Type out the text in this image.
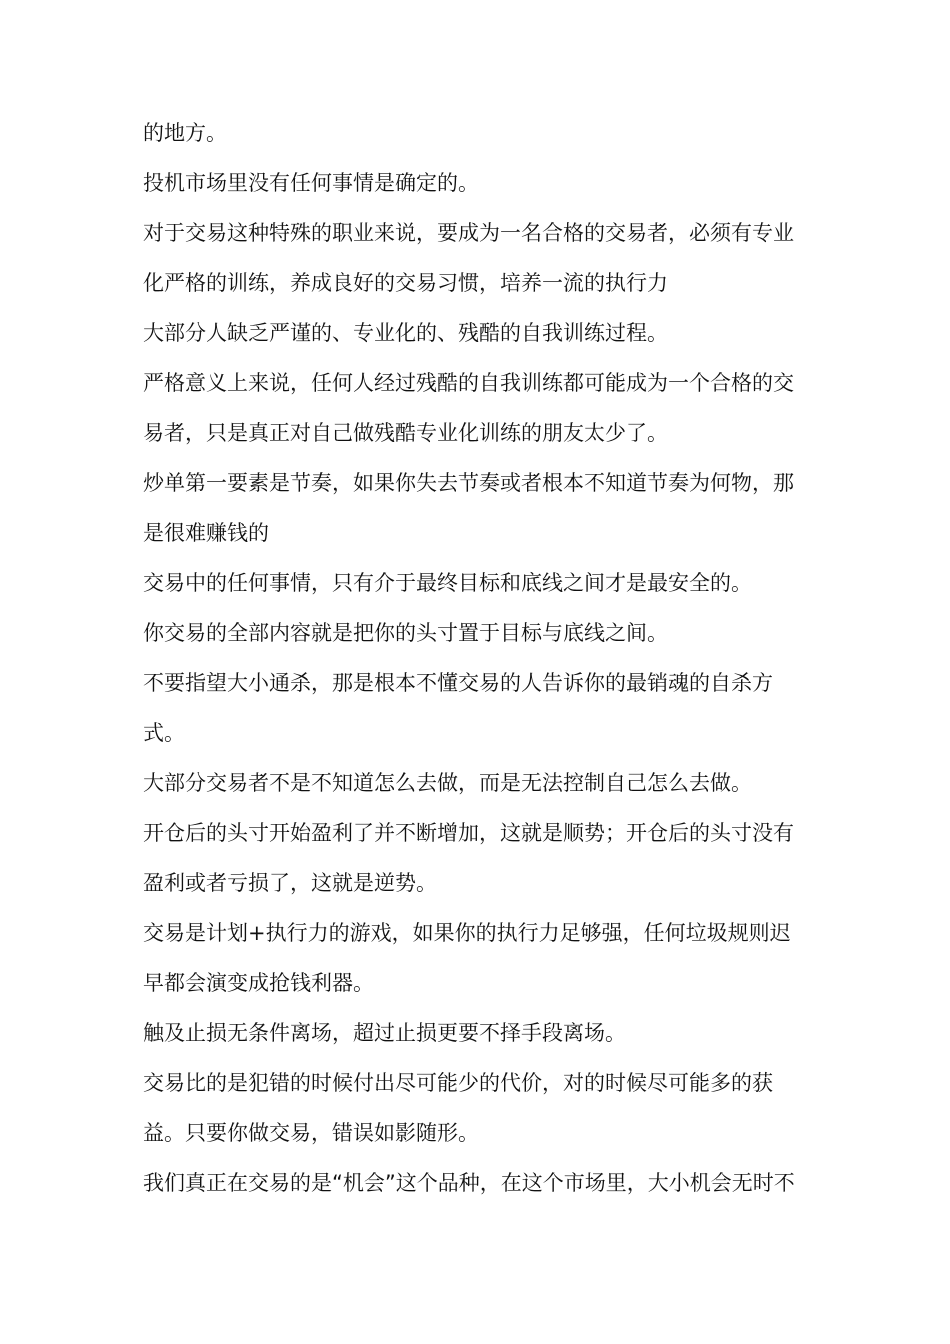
的地方。
投机市场里没有任何事情是确定的。
对于交易这种特殊的职业来说，要成为一名合格的交易者，必须有专业
化严格的训练，养成良好的交易习惯，培养一流的执行力
大部分人缺乏严谨的、专业化的、残酷的自我训练过程。
严格意义上来说，任何人经过残酷的自我训练都可能成为一个合格的交
易者，只是真正对自己做残酷专业化训练的朋友太少了。
炒单第一要素是节奏，如果你失去节奏或者根本不知道节奏为何物，那
是很难赚钱的
交易中的任何事情，只有介于最终目标和底线之间才是最安全的。
你交易的全部内容就是把你的头寸置于目标与底线之间。
不要指望大小通杀，那是根本不懂交易的人告诉你的最销魂的自杀方
式。
大部分交易者不是不知道怎么去做，而是无法控制自己怎么去做。
开仓后的头寸开始盈利了并不断增加，这就是顺势；开仓后的头寸没有
盈利或者亏损了，这就是逆势。
交易是计划+执行力的游戏，如果你的执行力足够强，任何垃圾规则迟
早都会演变成抢钱利器。
触及止损无条件离场，超过止损更要不择手段离场。
交易比的是犯错的时候付出尽可能少的代价，对的时候尽可能多的获
益。只要你做交易，错误如影随形。
我们真正在交易的是“机会”这个品种，在这个市场里，大小机会无时不
